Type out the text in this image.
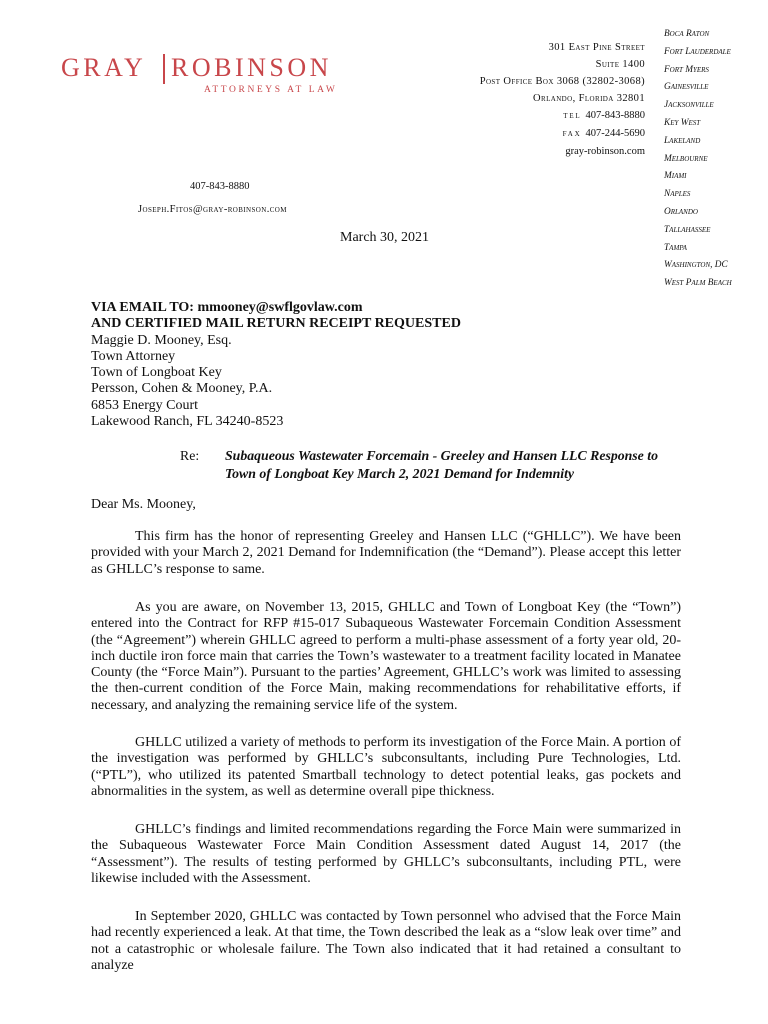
GRAY ROBINSON
ATTORNEYS AT LAW
301 East Pine Street
Suite 1400
Post Office Box 3068 (32802-3068)
Orlando, Florida 32801
TEL 407-843-8880
FAX 407-244-5690
gray-robinson.com
Boca Raton
Fort Lauderdale
Fort Myers
Gainesville
Jacksonville
Key West
Lakeland
Melbourne
Miami
Naples
Orlando
Tallahassee
Tampa
Washington, DC
West Palm Beach
407-843-8880
Joseph.Fitos@gray-robinson.com
March 30, 2021
VIA EMAIL TO: mmooney@swflgovlaw.com
AND CERTIFIED MAIL RETURN RECEIPT REQUESTED
Maggie D. Mooney, Esq.
Town Attorney
Town of Longboat Key
Persson, Cohen & Mooney, P.A.
6853 Energy Court
Lakewood Ranch, FL 34240-8523
Re: Subaqueous Wastewater Forcemain - Greeley and Hansen LLC Response to
Town of Longboat Key March 2, 2021 Demand for Indemnity
Dear Ms. Mooney,
This firm has the honor of representing Greeley and Hansen LLC (“GHLLC”). We have been provided with your March 2, 2021 Demand for Indemnification (the “Demand”). Please accept this letter as GHLLC’s response to same.
As you are aware, on November 13, 2015, GHLLC and Town of Longboat Key (the “Town”) entered into the Contract for RFP #15-017 Subaqueous Wastewater Forcemain Condition Assessment (the “Agreement”) wherein GHLLC agreed to perform a multi-phase assessment of a forty year old, 20-inch ductile iron force main that carries the Town’s wastewater to a treatment facility located in Manatee County (the “Force Main”). Pursuant to the parties’ Agreement, GHLLC’s work was limited to assessing the then-current condition of the Force Main, making recommendations for rehabilitative efforts, if necessary, and analyzing the remaining service life of the system.
GHLLC utilized a variety of methods to perform its investigation of the Force Main. A portion of the investigation was performed by GHLLC’s subconsultants, including Pure Technologies, Ltd. (“PTL”), who utilized its patented Smartball technology to detect potential leaks, gas pockets and abnormalities in the system, as well as determine overall pipe thickness.
GHLLC’s findings and limited recommendations regarding the Force Main were summarized in the Subaqueous Wastewater Force Main Condition Assessment dated August 14, 2017 (the “Assessment”). The results of testing performed by GHLLC’s subconsultants, including PTL, were likewise included with the Assessment.
In September 2020, GHLLC was contacted by Town personnel who advised that the Force Main had recently experienced a leak. At that time, the Town described the leak as a “slow leak over time” and not a catastrophic or wholesale failure. The Town also indicated that it had retained a consultant to analyze
